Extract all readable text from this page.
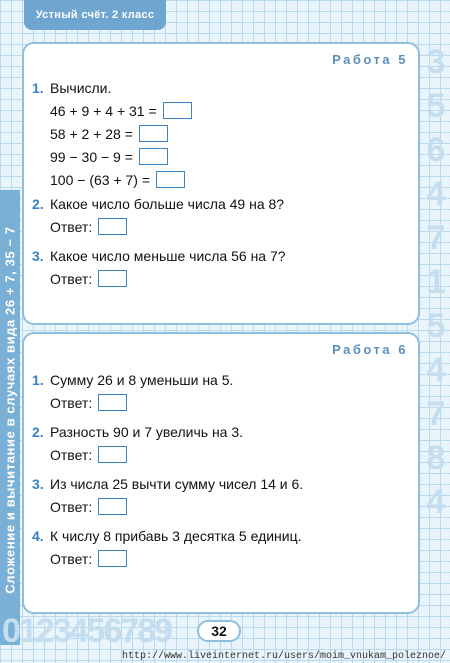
3 5 6 4 7 1 5 4 7 8 4
Устный счёт. 2 класс
Сложение и вычитание в случаях вида 26 + 7, 35 − 7
Работа 5
1. Вычисли.
46 + 9 + 4 + 31 =
58 + 2 + 28 =
99 − 30 − 9 =
100 − (63 + 7) =
2. Какое число больше числа 49 на 8?
Ответ:
3. Какое число меньше числа 56 на 7?
Ответ:
Работа 6
1. Сумму 26 и 8 уменьши на 5.
Ответ:
2. Разность 90 и 7 увеличь на 3.
Ответ:
3. Из числа 25 вычти сумму чисел 14 и 6.
Ответ:
4. К числу 8 прибавь 3 десятка 5 единиц.
Ответ:
0123456789	32
http://www.liveinternet.ru/users/moim_vnukam_poleznoe/
